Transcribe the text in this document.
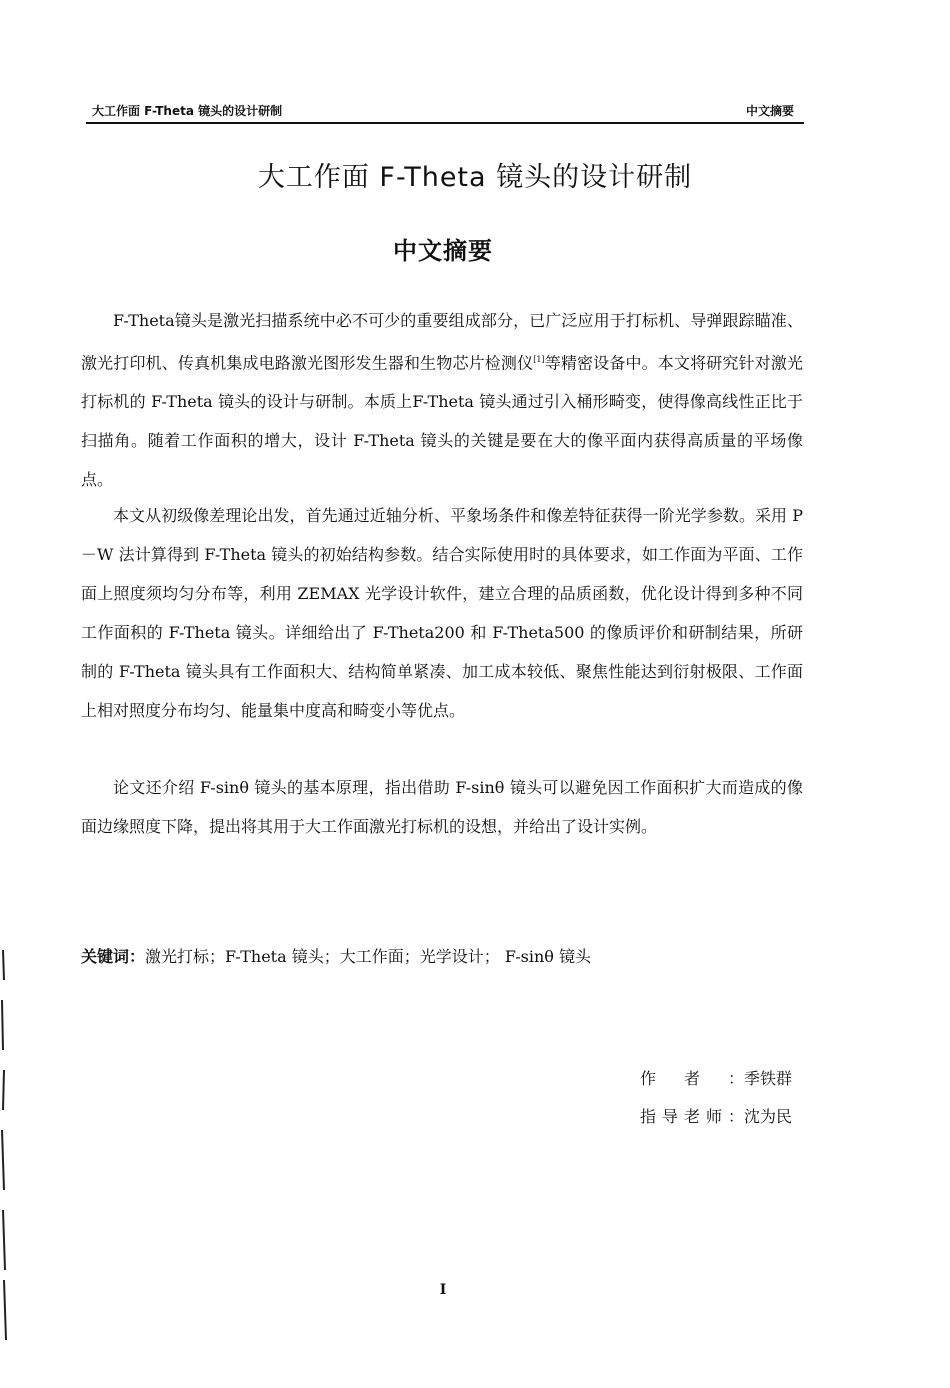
大工作面 F-Theta 镜头的设计研制	中文摘要
大工作面 F-Theta 镜头的设计研制
中文摘要

F-Theta镜头是激光扫描系统中必不可少的重要组成部分，已广泛应用于打标机、导弹跟踪瞄准、激光打印机、传真机集成电路激光图形发生器和生物芯片检测仪[1]等精密设备中。本文将研究针对激光打标机的 F-Theta 镜头的设计与研制。本质上F-Theta 镜头通过引入桶形畸变，使得像高线性正比于扫描角。随着工作面积的增大，设计 F-Theta 镜头的关键是要在大的像平面内获得高质量的平场像点。

本文从初级像差理论出发，首先通过近轴分析、平象场条件和像差特征获得一阶光学参数。采用 P－W 法计算得到 F-Theta 镜头的初始结构参数。结合实际使用时的具体要求，如工作面为平面、工作面上照度须均匀分布等，利用 ZEMAX 光学设计软件，建立合理的品质函数，优化设计得到多种不同工作面积的 F-Theta 镜头。详细给出了 F-Theta200 和 F-Theta500 的像质评价和研制结果，所研制的 F-Theta 镜头具有工作面积大、结构简单紧凑、加工成本较低、聚焦性能达到衍射极限、工作面上相对照度分布均匀、能量集中度高和畸变小等优点。

论文还介绍 F-sinθ 镜头的基本原理，指出借助 F-sinθ 镜头可以避免因工作面积扩大而造成的像面边缘照度下降，提出将其用于大工作面激光打标机的设想，并给出了设计实例。

关键词：激光打标；F-Theta 镜头；大工作面；光学设计； F-sinθ 镜头
作者：季铁群
指导老师：沈为民
I
